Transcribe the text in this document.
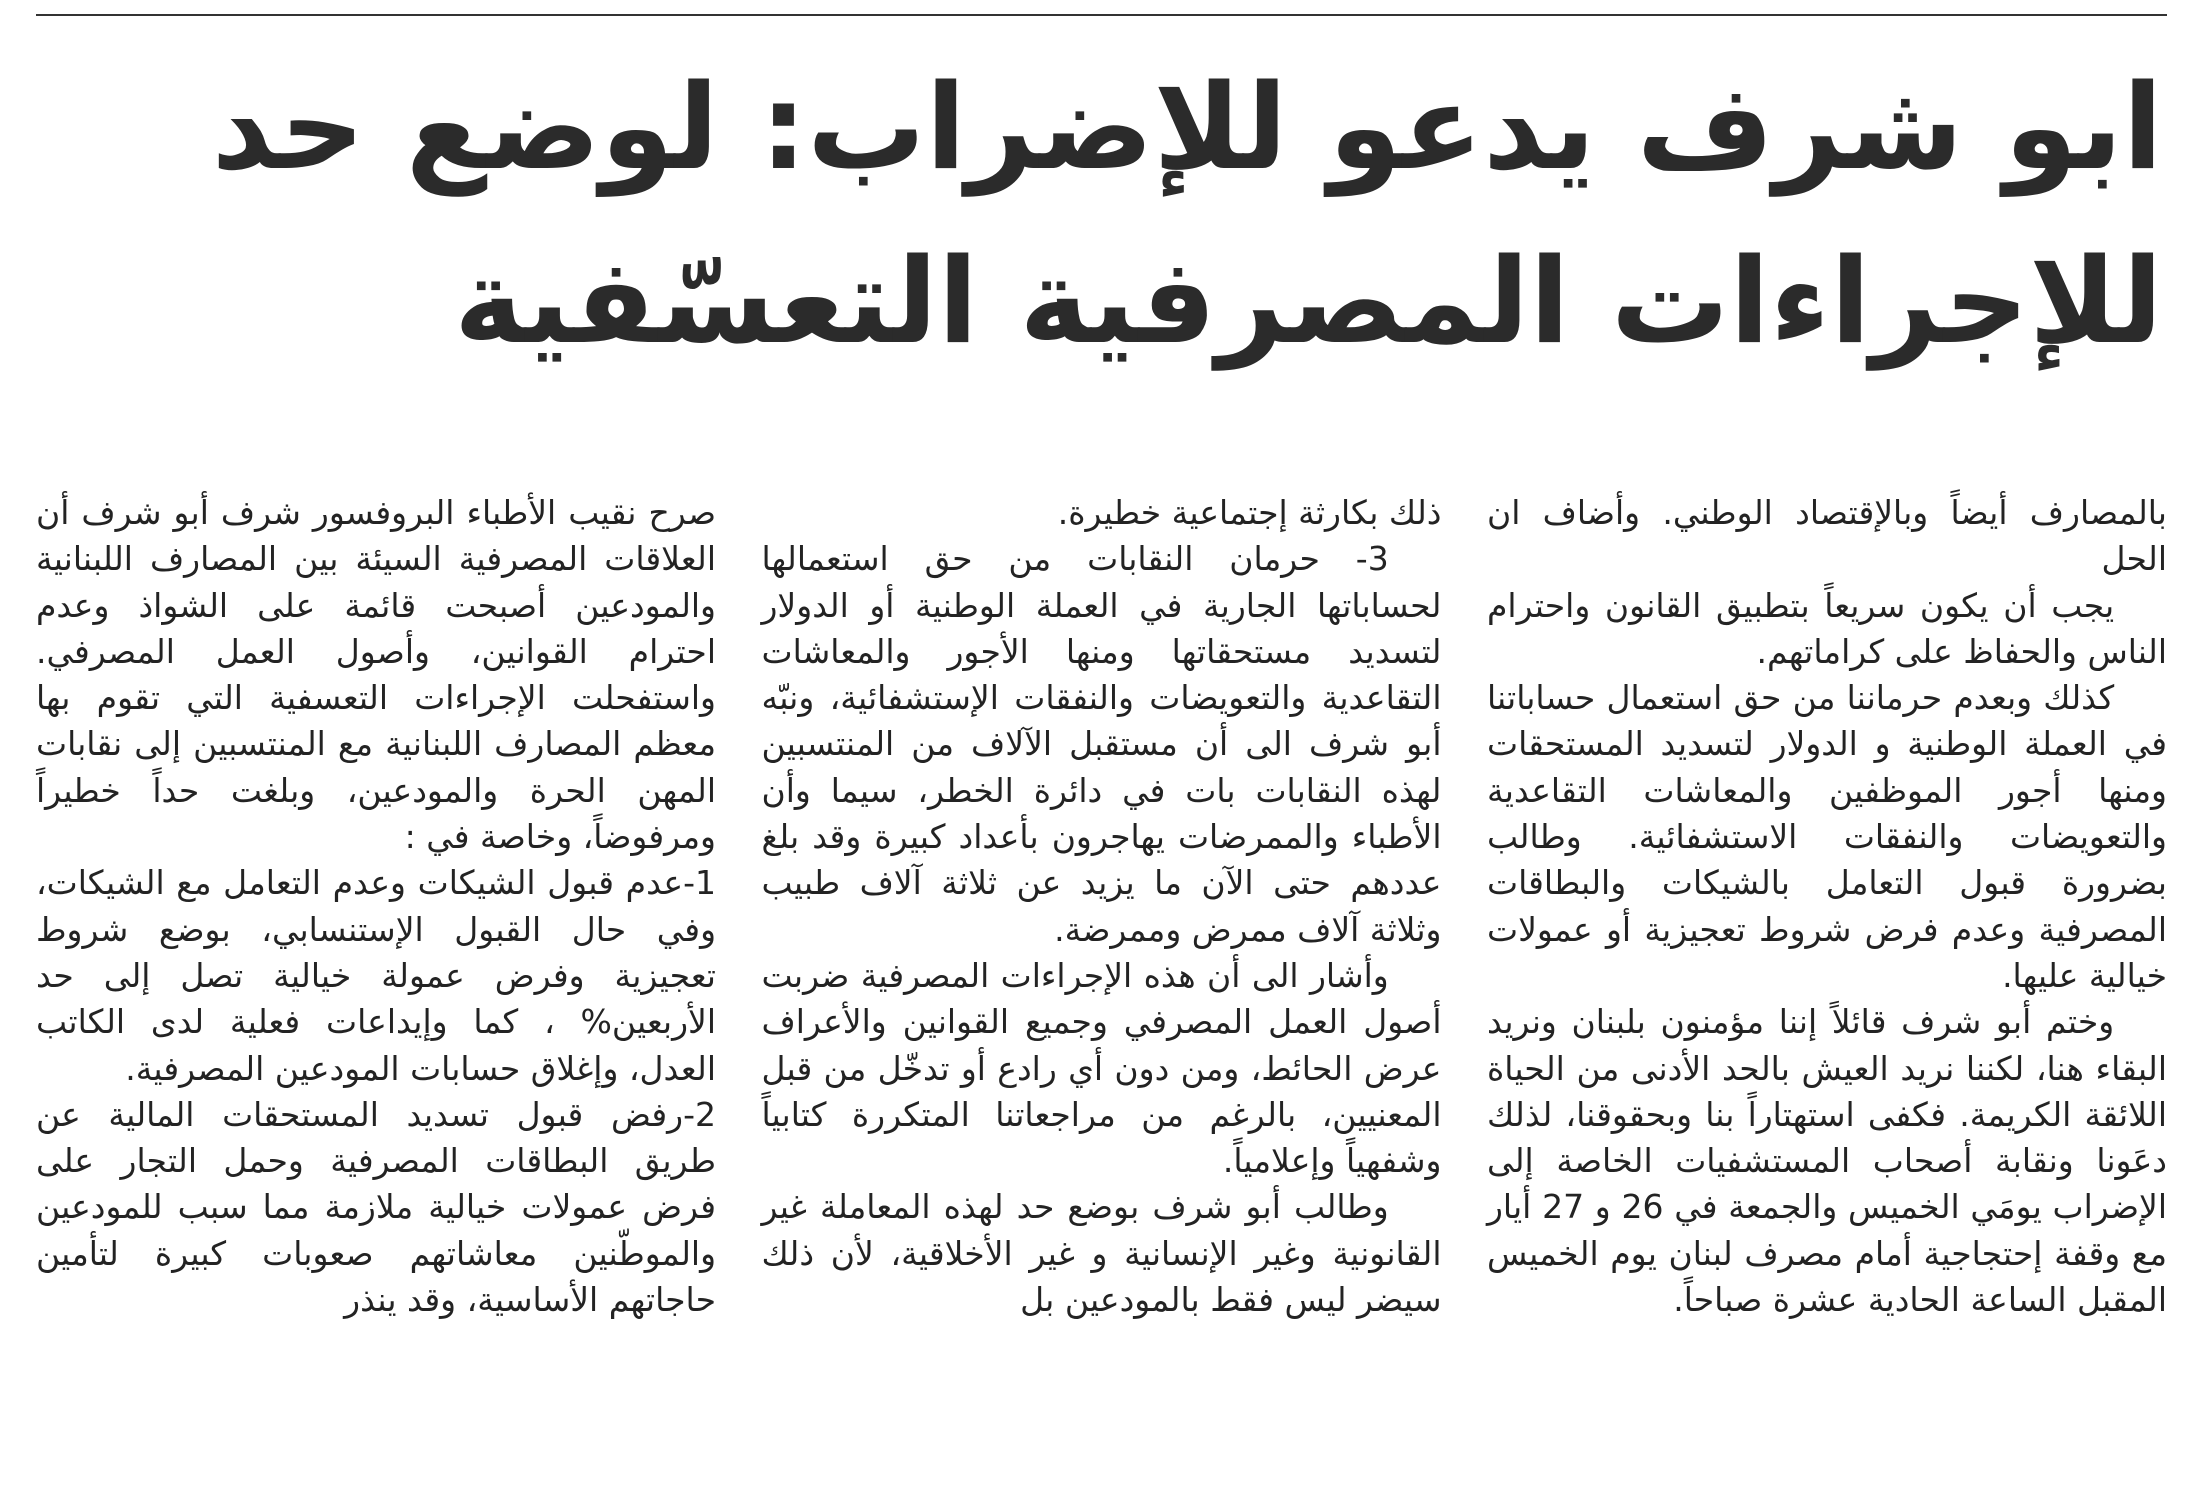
ابو شرف يدعو للإضراب: لوضع حد
للإجراءات المصرفية التعسّفية

صرح نقيب الأطباء البروفسور شرف أبو شرف أن العلاقات المصرفية السيئة بين المصارف اللبنانية والمودعين أصبحت قائمة على الشواذ وعدم احترام القوانين، وأصول العمل المصرفي. واستفحلت الإجراءات التعسفية التي تقوم بها معظم المصارف اللبنانية مع المنتسبين إلى نقابات المهن الحرة والمودعين، وبلغت حداً خطيراً ومرفوضاً، وخاصة في :

1-عدم قبول الشيكات وعدم التعامل مع الشيكات، وفي حال القبول الإستنسابي، بوضع شروط تعجيزية وفرض عمولة خيالية تصل إلى حد الأربعين% ، كما وإيداعات فعلية لدى الكاتب العدل، وإغلاق حسابات المودعين المصرفية.

2-رفض قبول تسديد المستحقات المالية عن طريق البطاقات المصرفية وحمل التجار على فرض عمولات خيالية ملازمة مما سبب للمودعين والموطّنين معاشاتهم صعوبات كبيرة لتأمين حاجاتهم الأساسية، وقد ينذر

ذلك بكارثة إجتماعية خطيرة.

3- حرمان النقابات من حق استعمالها لحساباتها الجارية في العملة الوطنية أو الدولار لتسديد مستحقاتها ومنها الأجور والمعاشات التقاعدية والتعويضات والنفقات الإستشفائية، ونبّه أبو شرف الى أن مستقبل الآلاف من المنتسبين لهذه النقابات بات في دائرة الخطر، سيما وأن الأطباء والممرضات يهاجرون بأعداد كبيرة وقد بلغ عددهم حتى الآن ما يزيد عن ثلاثة آلاف طبيب وثلاثة آلاف ممرض وممرضة.

وأشار الى أن هذه الإجراءات المصرفية ضربت أصول العمل المصرفي وجميع القوانين والأعراف عرض الحائط، ومن دون أي رادع أو تدخّل من قبل المعنيين، بالرغم من مراجعاتنا المتكررة كتابياً وشفهياً وإعلامياً.

وطالب أبو شرف بوضع حد لهذه المعاملة غير القانونية وغير الإنسانية و غير الأخلاقية، لأن ذلك سيضر ليس فقط بالمودعين بل

بالمصارف أيضاً وبالإقتصاد الوطني. وأضاف ان الحل

يجب أن يكون سريعاً بتطبيق القانون واحترام الناس والحفاظ على كراماتهم.

كذلك وبعدم حرماننا من حق استعمال حساباتنا في العملة الوطنية و الدولار لتسديد المستحقات ومنها أجور الموظفين والمعاشات التقاعدية والتعويضات والنفقات الاستشفائية. وطالب بضرورة قبول التعامل بالشيكات والبطاقات المصرفية وعدم فرض شروط تعجيزية أو عمولات خيالية عليها.

وختم أبو شرف قائلاً إننا مؤمنون بلبنان ونريد البقاء هنا، لكننا نريد العيش بالحد الأدنى من الحياة اللائقة الكريمة. فكفى استهتاراً بنا وبحقوقنا، لذلك دعَونا ونقابة أصحاب المستشفيات الخاصة إلى الإضراب يومَي الخميس والجمعة في 26 و 27 أيار مع وقفة إحتجاجية أمام مصرف لبنان يوم الخميس المقبل الساعة الحادية عشرة صباحاً.
